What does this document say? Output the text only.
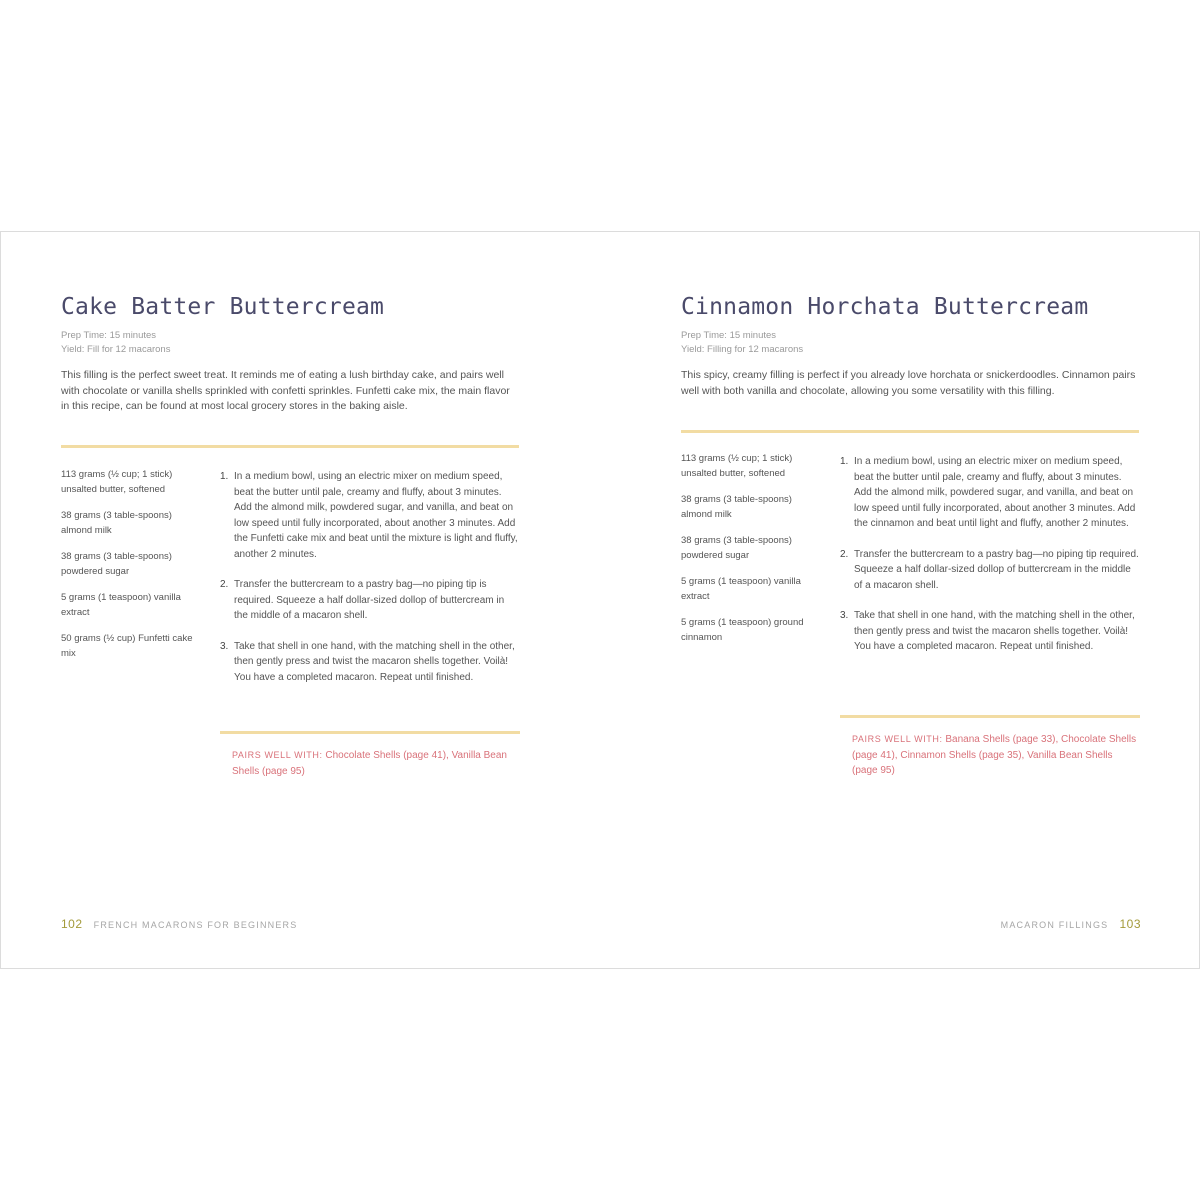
Cake Batter Buttercream
Prep Time: 15 minutes
Yield: Fill for 12 macarons
This filling is the perfect sweet treat. It reminds me of eating a lush birthday cake, and pairs well with chocolate or vanilla shells sprinkled with confetti sprinkles. Funfetti cake mix, the main flavor in this recipe, can be found at most local grocery stores in the baking aisle.
113 grams (½ cup; 1 stick) unsalted butter, softened
38 grams (3 table-spoons) almond milk
38 grams (3 table-spoons) powdered sugar
5 grams (1 teaspoon) vanilla extract
50 grams (½ cup) Funfetti cake mix
1. In a medium bowl, using an electric mixer on medium speed, beat the butter until pale, creamy and fluffy, about 3 minutes. Add the almond milk, powdered sugar, and vanilla, and beat on low speed until fully incorporated, about another 3 minutes. Add the Funfetti cake mix and beat until the mixture is light and fluffy, another 2 minutes.
2. Transfer the buttercream to a pastry bag—no piping tip is required. Squeeze a half dollar-sized dollop of buttercream in the middle of a macaron shell.
3. Take that shell in one hand, with the matching shell in the other, then gently press and twist the macaron shells together. Voilà! You have a completed macaron. Repeat until finished.
PAIRS WELL WITH: Chocolate Shells (page 41), Vanilla Bean Shells (page 95)
102 FRENCH MACARONS FOR BEGINNERS
Cinnamon Horchata Buttercream
Prep Time: 15 minutes
Yield: Filling for 12 macarons
This spicy, creamy filling is perfect if you already love horchata or snickerdoodles. Cinnamon pairs well with both vanilla and chocolate, allowing you some versatility with this filling.
113 grams (½ cup; 1 stick) unsalted butter, softened
38 grams (3 table-spoons) almond milk
38 grams (3 table-spoons) powdered sugar
5 grams (1 teaspoon) vanilla extract
5 grams (1 teaspoon) ground cinnamon
1. In a medium bowl, using an electric mixer on medium speed, beat the butter until pale, creamy and fluffy, about 3 minutes. Add the almond milk, powdered sugar, and vanilla, and beat on low speed until fully incorporated, about another 3 minutes. Add the cinnamon and beat until light and fluffy, another 2 minutes.
2. Transfer the buttercream to a pastry bag—no piping tip required. Squeeze a half dollar-sized dollop of buttercream in the middle of a macaron shell.
3. Take that shell in one hand, with the matching shell in the other, then gently press and twist the macaron shells together. Voilà! You have a completed macaron. Repeat until finished.
PAIRS WELL WITH: Banana Shells (page 33), Chocolate Shells (page 41), Cinnamon Shells (page 35), Vanilla Bean Shells (page 95)
MACARON FILLINGS 103
